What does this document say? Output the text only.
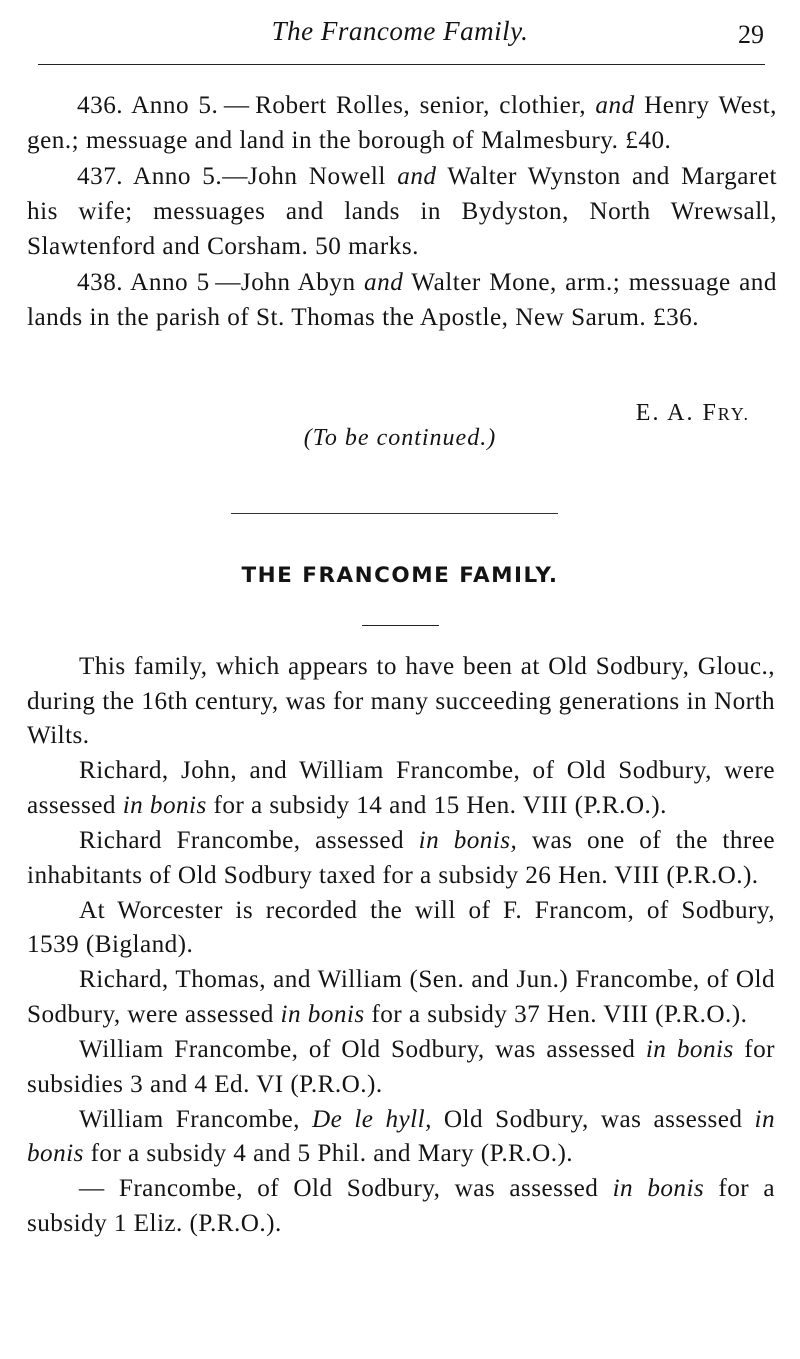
The Francome Family.	29

436. Anno 5. — Robert Rolles, senior, clothier, and Henry West, gen.; messuage and land in the borough of Malmesbury. £40.

437. Anno 5.—John Nowell and Walter Wynston and Margaret his wife; messuages and lands in Bydyston, North Wrewsall, Slawtenford and Corsham. 50 marks.

438. Anno 5 —John Abyn and Walter Mone, arm.; messuage and lands in the parish of St. Thomas the Apostle, New Sarum. £36.

E. A. FRY.
(To be continued.)
THE FRANCOME FAMILY.

This family, which appears to have been at Old Sodbury, Glouc., during the 16th century, was for many succeeding generations in North Wilts.

Richard, John, and William Francombe, of Old Sodbury, were assessed in bonis for a subsidy 14 and 15 Hen. VIII (P.R.O.).

Richard Francombe, assessed in bonis, was one of the three inhabitants of Old Sodbury taxed for a subsidy 26 Hen. VIII (P.R.O.).

At Worcester is recorded the will of F. Francom, of Sodbury, 1539 (Bigland).

Richard, Thomas, and William (Sen. and Jun.) Francombe, of Old Sodbury, were assessed in bonis for a subsidy 37 Hen. VIII (P.R.O.).

William Francombe, of Old Sodbury, was assessed in bonis for subsidies 3 and 4 Ed. VI (P.R.O.).

William Francombe, De le hyll, Old Sodbury, was assessed in bonis for a subsidy 4 and 5 Phil. and Mary (P.R.O.).

— Francombe, of Old Sodbury, was assessed in bonis for a subsidy 1 Eliz. (P.R.O.).
